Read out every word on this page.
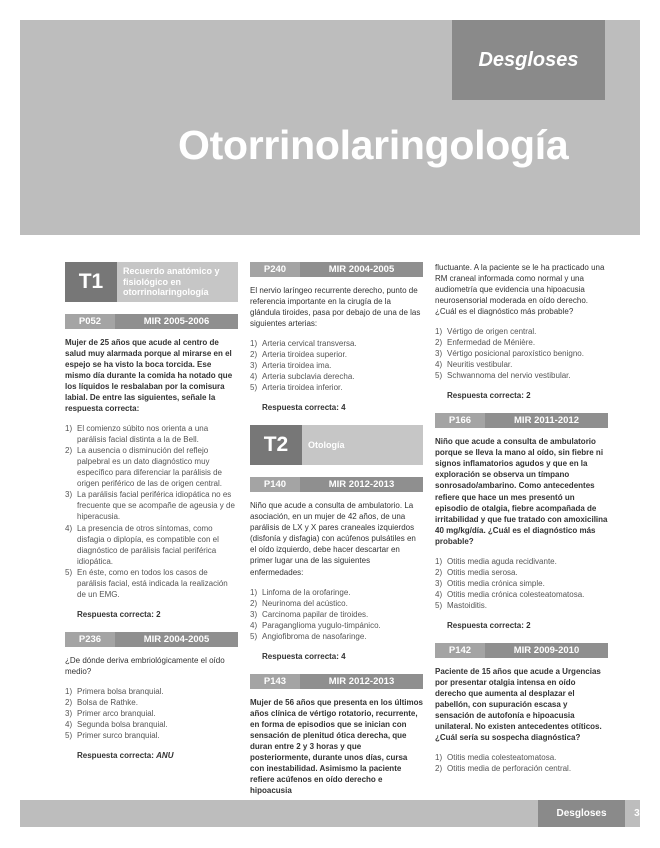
Desgloses
Otorrinolaringología
T1	Recuerdo anatómico y fisiológico en otorrinolaringología
P052	MIR 2005-2006

Mujer de 25 años que acude al centro de salud muy alarmada porque al mirarse en el espejo se ha visto la boca torcida. Ese mismo día durante la comida ha notado que los líquidos le resbalaban por la comisura labial. De entre las siguientes, señale la respuesta correcta:

1) El comienzo súbito nos orienta a una parálisis facial distinta a la de Bell.
2) La ausencia o disminución del reflejo palpebral es un dato diagnóstico muy específico para diferenciar la parálisis de origen periférico de las de origen central.
3) La parálisis facial periférica idiopática no es frecuente que se acompañe de ageusia y de hiperacusia.
4) La presencia de otros síntomas, como disfagia o diplopía, es compatible con el diagnóstico de parálisis facial periférica idiopática.
5) En éste, como en todos los casos de parálisis facial, está indicada la realización de un EMG.

Respuesta correcta: 2

P236	MIR 2004-2005

¿De dónde deriva embriológicamente el oído medio?

1) Primera bolsa branquial.
2) Bolsa de Rathke.
3) Primer arco branquial.
4) Segunda bolsa branquial.
5) Primer surco branquial.

Respuesta correcta: ANU

P240	MIR 2004-2005

El nervio laríngeo recurrente derecho, punto de referencia importante en la cirugía de la glándula tiroides, pasa por debajo de una de las siguientes arterias:

1) Arteria cervical transversa.
2) Arteria tiroidea superior.
3) Arteria tiroidea ima.
4) Arteria subclavia derecha.
5) Arteria tiroidea inferior.

Respuesta correcta: 4

T2	Otología
P140	MIR 2012-2013

Niño que acude a consulta de ambulatorio. La asociación, en un mujer de 42 años, de una parálisis de LX y X pares craneales izquierdos (disfonía y disfagia) con acúfenos pulsátiles en el oído izquierdo, debe hacer descartar en primer lugar una de las siguientes enfermedades:

1) Linfoma de la orofaringe.
2) Neurinoma del acústico.
3) Carcinoma papilar de tiroides.
4) Paraganglioma yugulo-timpánico.
5) Angiofibroma de nasofaringe.

Respuesta correcta: 4

P143	MIR 2012-2013

Mujer de 56 años que presenta en los últimos años clínica de vértigo rotatorio, recurrente, en forma de episodios que se inician con sensación de plenitud ótica derecha, que duran entre 2 y 3 horas y que posteriormente, durante unos días, cursa con inestabilidad. Asimismo la paciente refiere acúfenos en oído derecho e hipoacusia

fluctuante. A la paciente se le ha practicado una RM craneal informada como normal y una audiometría que evidencia una hipoacusia neurosensorial moderada en oído derecho. ¿Cuál es el diagnóstico más probable?

1) Vértigo de origen central.
2) Enfermedad de Ménière.
3) Vértigo posicional paroxístico benigno.
4) Neuritis vestibular.
5) Schwannoma del nervio vestibular.

Respuesta correcta: 2

P166	MIR 2011-2012

Niño que acude a consulta de ambulatorio porque se lleva la mano al oído, sin fiebre ni signos inflamatorios agudos y que en la exploración se observa un tímpano sonrosado/ambarino. Como antecedentes refiere que hace un mes presentó un episodio de otalgia, fiebre acompañada de irritabilidad y que fue tratado con amoxicilina 40 mg/kg/día. ¿Cuál es el diagnóstico más probable?

1) Otitis media aguda recidivante.
2) Otitis media serosa.
3) Otitis media crónica simple.
4) Otitis media crónica colesteatomatosa.
5) Mastoiditis.

Respuesta correcta: 2

P142	MIR 2009-2010

Paciente de 15 años que acude a Urgencias por presentar otalgia intensa en oído derecho que aumenta al desplazar el pabellón, con supuración escasa y sensación de autofonía e hipoacusia unilateral. No existen antecedentes otíticos. ¿Cuál sería su sospecha diagnóstica?

1) Otitis media colesteatomatosa.
2) Otitis media de perforación central.
Desgloses	381
